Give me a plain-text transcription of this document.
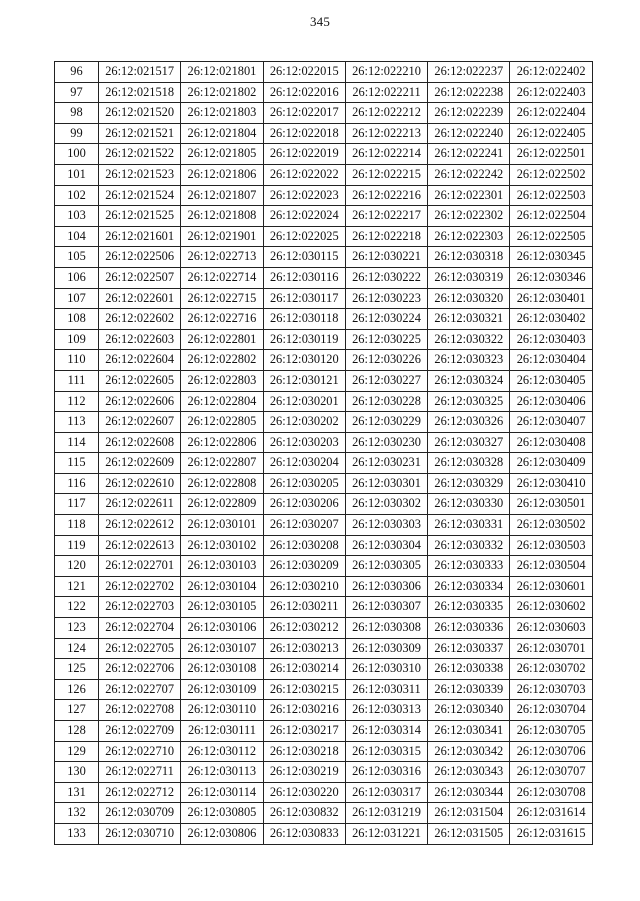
345
96	26:12:021517	26:12:021801	26:12:022015	26:12:022210	26:12:022237	26:12:022402
97	26:12:021518	26:12:021802	26:12:022016	26:12:022211	26:12:022238	26:12:022403
98	26:12:021520	26:12:021803	26:12:022017	26:12:022212	26:12:022239	26:12:022404
99	26:12:021521	26:12:021804	26:12:022018	26:12:022213	26:12:022240	26:12:022405
100	26:12:021522	26:12:021805	26:12:022019	26:12:022214	26:12:022241	26:12:022501
101	26:12:021523	26:12:021806	26:12:022022	26:12:022215	26:12:022242	26:12:022502
102	26:12:021524	26:12:021807	26:12:022023	26:12:022216	26:12:022301	26:12:022503
103	26:12:021525	26:12:021808	26:12:022024	26:12:022217	26:12:022302	26:12:022504
104	26:12:021601	26:12:021901	26:12:022025	26:12:022218	26:12:022303	26:12:022505
105	26:12:022506	26:12:022713	26:12:030115	26:12:030221	26:12:030318	26:12:030345
106	26:12:022507	26:12:022714	26:12:030116	26:12:030222	26:12:030319	26:12:030346
107	26:12:022601	26:12:022715	26:12:030117	26:12:030223	26:12:030320	26:12:030401
108	26:12:022602	26:12:022716	26:12:030118	26:12:030224	26:12:030321	26:12:030402
109	26:12:022603	26:12:022801	26:12:030119	26:12:030225	26:12:030322	26:12:030403
110	26:12:022604	26:12:022802	26:12:030120	26:12:030226	26:12:030323	26:12:030404
111	26:12:022605	26:12:022803	26:12:030121	26:12:030227	26:12:030324	26:12:030405
112	26:12:022606	26:12:022804	26:12:030201	26:12:030228	26:12:030325	26:12:030406
113	26:12:022607	26:12:022805	26:12:030202	26:12:030229	26:12:030326	26:12:030407
114	26:12:022608	26:12:022806	26:12:030203	26:12:030230	26:12:030327	26:12:030408
115	26:12:022609	26:12:022807	26:12:030204	26:12:030231	26:12:030328	26:12:030409
116	26:12:022610	26:12:022808	26:12:030205	26:12:030301	26:12:030329	26:12:030410
117	26:12:022611	26:12:022809	26:12:030206	26:12:030302	26:12:030330	26:12:030501
118	26:12:022612	26:12:030101	26:12:030207	26:12:030303	26:12:030331	26:12:030502
119	26:12:022613	26:12:030102	26:12:030208	26:12:030304	26:12:030332	26:12:030503
120	26:12:022701	26:12:030103	26:12:030209	26:12:030305	26:12:030333	26:12:030504
121	26:12:022702	26:12:030104	26:12:030210	26:12:030306	26:12:030334	26:12:030601
122	26:12:022703	26:12:030105	26:12:030211	26:12:030307	26:12:030335	26:12:030602
123	26:12:022704	26:12:030106	26:12:030212	26:12:030308	26:12:030336	26:12:030603
124	26:12:022705	26:12:030107	26:12:030213	26:12:030309	26:12:030337	26:12:030701
125	26:12:022706	26:12:030108	26:12:030214	26:12:030310	26:12:030338	26:12:030702
126	26:12:022707	26:12:030109	26:12:030215	26:12:030311	26:12:030339	26:12:030703
127	26:12:022708	26:12:030110	26:12:030216	26:12:030313	26:12:030340	26:12:030704
128	26:12:022709	26:12:030111	26:12:030217	26:12:030314	26:12:030341	26:12:030705
129	26:12:022710	26:12:030112	26:12:030218	26:12:030315	26:12:030342	26:12:030706
130	26:12:022711	26:12:030113	26:12:030219	26:12:030316	26:12:030343	26:12:030707
131	26:12:022712	26:12:030114	26:12:030220	26:12:030317	26:12:030344	26:12:030708
132	26:12:030709	26:12:030805	26:12:030832	26:12:031219	26:12:031504	26:12:031614
133	26:12:030710	26:12:030806	26:12:030833	26:12:031221	26:12:031505	26:12:031615
